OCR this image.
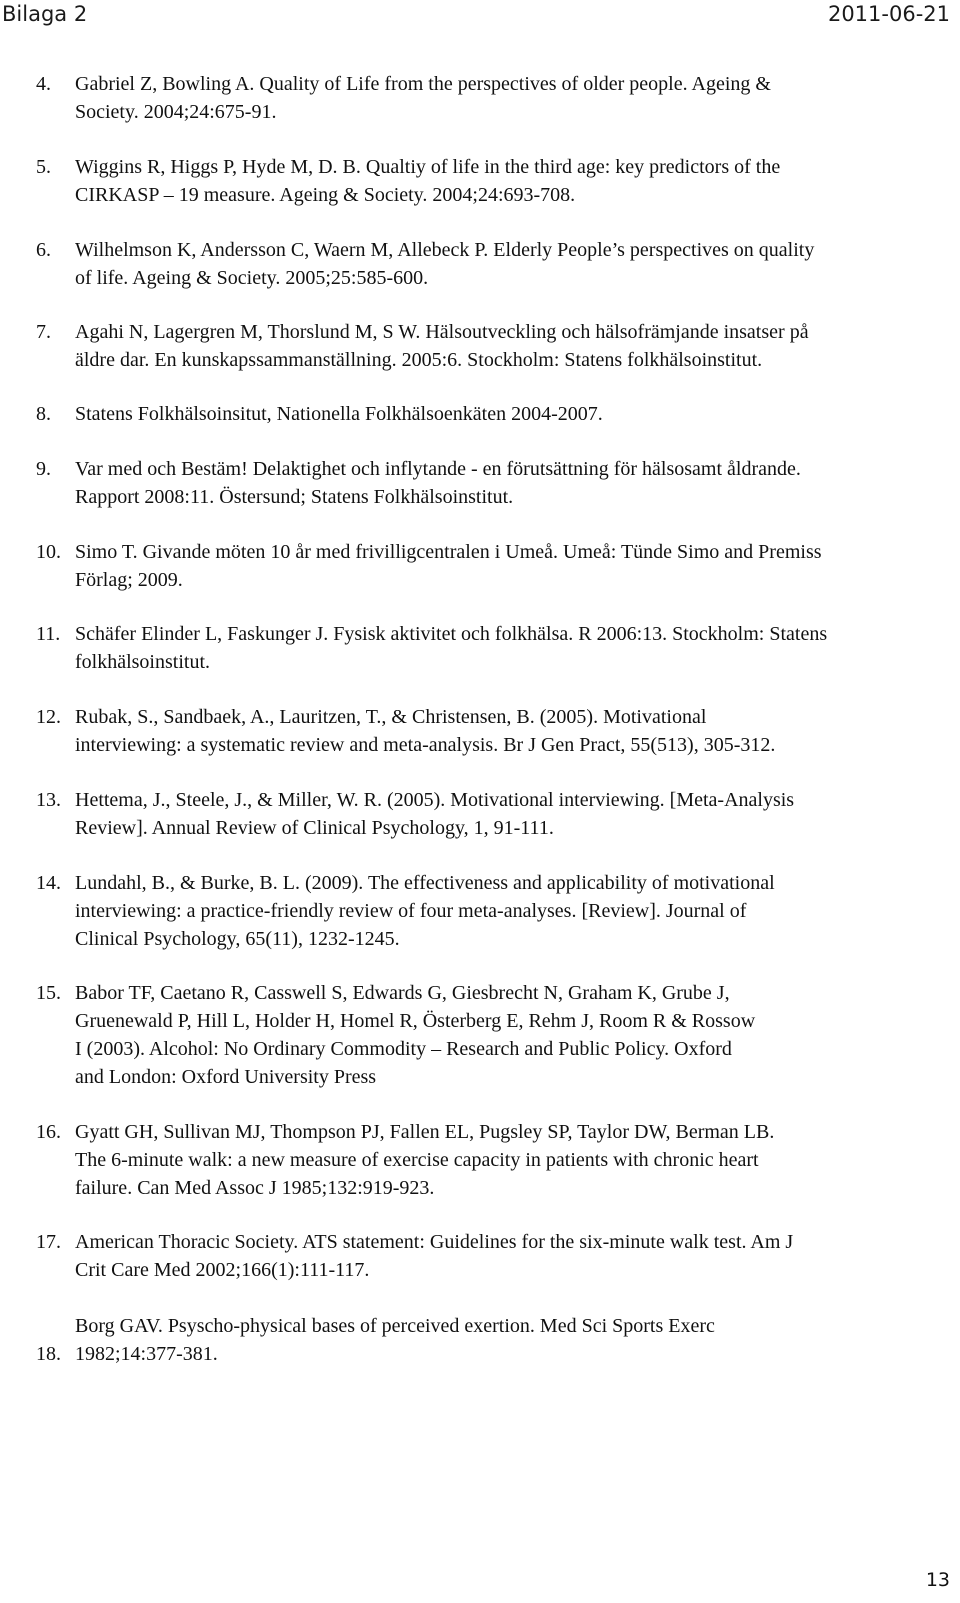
Bilaga 2	2011-06-21
4.	Gabriel Z, Bowling A. Quality of Life from the perspectives of older people. Ageing &
Society. 2004;24:675-91.
5.	Wiggins R, Higgs P, Hyde M, D. B. Qualtiy of life in the third age: key predictors of the
CIRKASP – 19 measure. Ageing & Society. 2004;24:693-708.
6.	Wilhelmson K, Andersson C, Waern M, Allebeck P. Elderly People’s perspectives on quality
of life. Ageing & Society. 2005;25:585-600.
7.	Agahi N, Lagergren M, Thorslund M, S W. Hälsoutveckling och hälsofrämjande insatser på
äldre dar. En kunskapssammanställning. 2005:6. Stockholm: Statens folkhälsoinstitut.
8.	Statens Folkhälsoinsitut, Nationella Folkhälsoenkäten 2004-2007.
9.	Var med och Bestäm! Delaktighet och inflytande - en förutsättning för hälsosamt åldrande.
Rapport 2008:11. Östersund; Statens Folkhälsoinstitut.
10. Simo T. Givande möten 10 år med frivilligcentralen i Umeå. Umeå: Tünde Simo and Premiss
Förlag; 2009.
11. Schäfer Elinder L, Faskunger J. Fysisk aktivitet och folkhälsa. R 2006:13. Stockholm: Statens
folkhälsoinstitut.
12. Rubak, S., Sandbaek, A., Lauritzen, T., & Christensen, B. (2005). Motivational
interviewing: a systematic review and meta-analysis. Br J Gen Pract, 55(513), 305-312.
13. Hettema, J., Steele, J., & Miller, W. R. (2005). Motivational interviewing. [Meta-Analysis
Review]. Annual Review of Clinical Psychology, 1, 91-111.
14. Lundahl, B., & Burke, B. L. (2009). The effectiveness and applicability of motivational
interviewing: a practice-friendly review of four meta-analyses. [Review]. Journal of
Clinical Psychology, 65(11), 1232-1245.
15. Babor TF, Caetano R, Casswell S, Edwards G, Giesbrecht N, Graham K, Grube J,
Gruenewald P, Hill L, Holder H, Homel R, Österberg E, Rehm J, Room R & Rossow
I (2003). Alcohol: No Ordinary Commodity – Research and Public Policy. Oxford
and London: Oxford University Press
16. Gyatt GH, Sullivan MJ, Thompson PJ, Fallen EL, Pugsley SP, Taylor DW, Berman LB.
The 6-minute walk: a new measure of exercise capacity in patients with chronic heart
failure. Can Med Assoc J 1985;132:919-923.
17. American Thoracic Society. ATS statement: Guidelines for the six-minute walk test. Am J
Crit Care Med 2002;166(1):111-117.
18.
Borg GAV. Psyscho-physical bases of perceived exertion. Med Sci Sports Exerc
1982;14:377-381.
13
